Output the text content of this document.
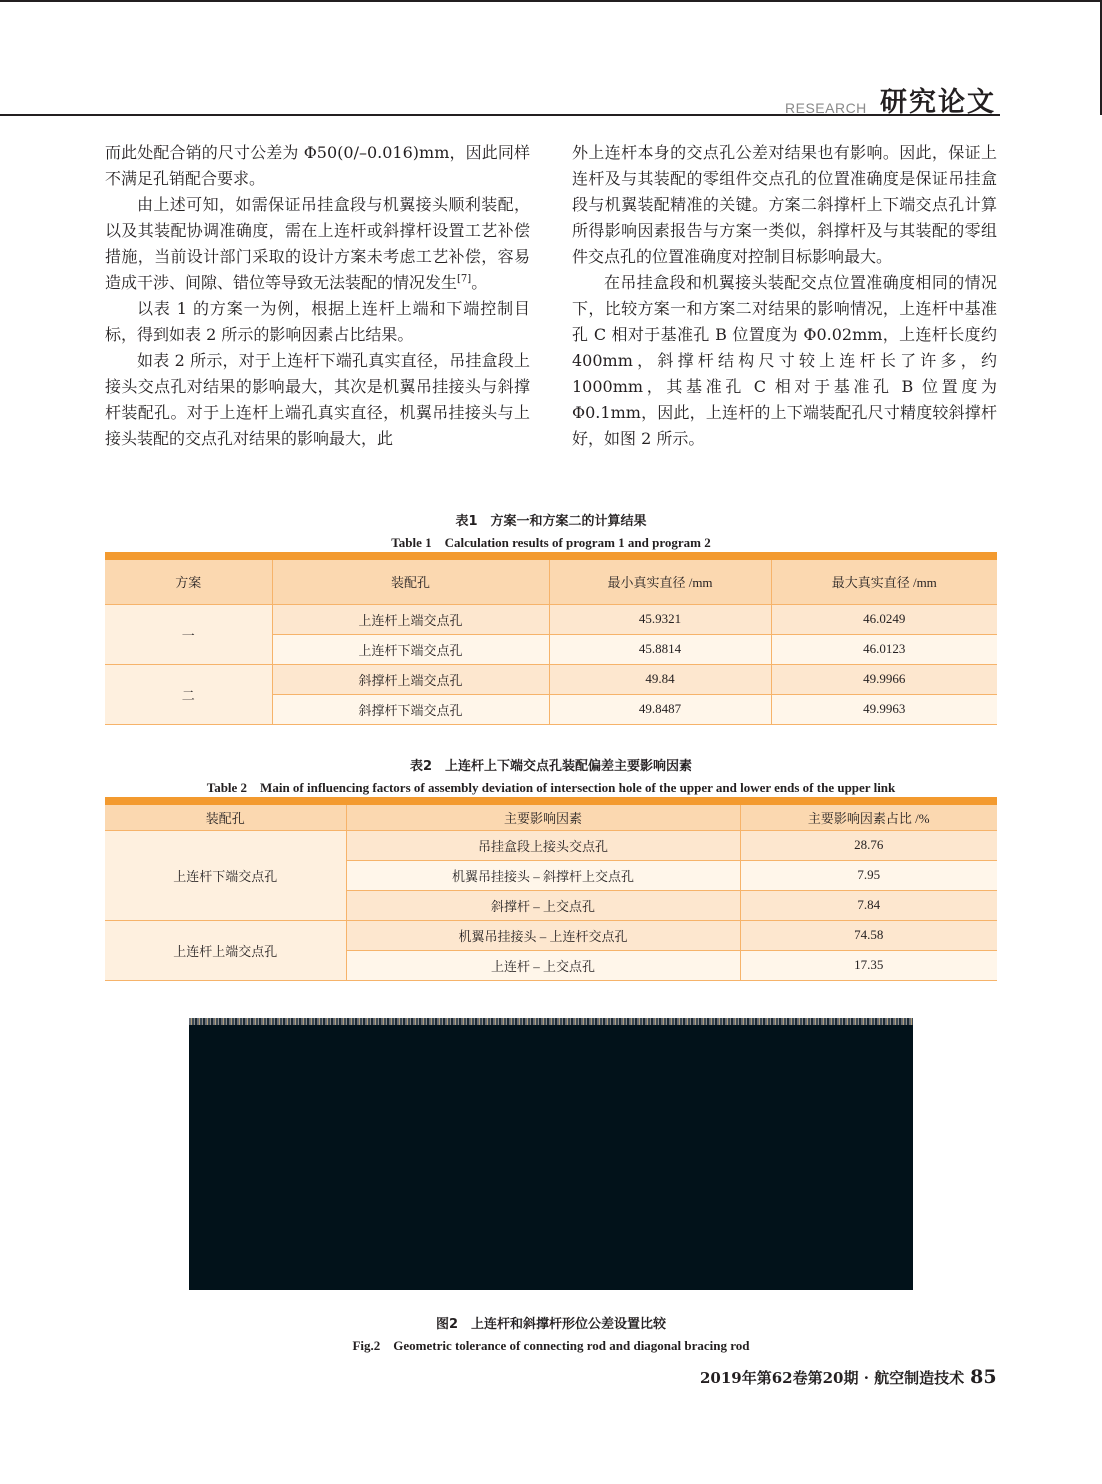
RESEARCH 研究论文

而此处配合销的尺寸公差为 Φ50(0/–0.016)mm，因此同样不满足孔销配合要求。

由上述可知，如需保证吊挂盒段与机翼接头顺利装配，以及其装配协调准确度，需在上连杆或斜撑杆设置工艺补偿措施，当前设计部门采取的设计方案未考虑工艺补偿，容易造成干涉、间隙、错位等导致无法装配的情况发生[7]。

以表 1 的方案一为例，根据上连杆上端和下端控制目标，得到如表 2 所示的影响因素占比结果。

如表 2 所示，对于上连杆下端孔真实直径，吊挂盒段上接头交点孔对结果的影响最大，其次是机翼吊挂接头与斜撑杆装配孔。对于上连杆上端孔真实直径，机翼吊挂接头与上接头装配的交点孔对结果的影响最大，此

外上连杆本身的交点孔公差对结果也有影响。因此，保证上连杆及与其装配的零组件交点孔的位置准确度是保证吊挂盒段与机翼装配精准的关键。方案二斜撑杆上下端交点孔计算所得影响因素报告与方案一类似，斜撑杆及与其装配的零组件交点孔的位置准确度对控制目标影响最大。

在吊挂盒段和机翼接头装配交点位置准确度相同的情况下，比较方案一和方案二对结果的影响情况，上连杆中基准孔 C 相对于基准孔 B 位置度为 Φ0.02mm，上连杆长度约 400mm，斜撑杆结构尺寸较上连杆长了许多，约 1000mm，其基准孔 C 相对于基准孔 B 位置度为 Φ0.1mm，因此，上连杆的上下端装配孔尺寸精度较斜撑杆好，如图 2 所示。

表1　方案一和方案二的计算结果
Table 1　Calculation results of program 1 and program 2
方案	装配孔	最小真实直径 /mm	最大真实直径 /mm
一	上连杆上端交点孔	45.9321	46.0249
	上连杆下端交点孔	45.8814	46.0123
二	斜撑杆上端交点孔	49.84	49.9966
	斜撑杆下端交点孔	49.8487	49.9963
表2　上连杆上下端交点孔装配偏差主要影响因素
Table 2　Main of influencing factors of assembly deviation of intersection hole of the upper and lower ends of the upper link
装配孔	主要影响因素	主要影响因素占比 /%
上连杆下端交点孔	吊挂盒段上接头交点孔	28.76
	机翼吊挂接头 – 斜撑杆上交点孔	7.95
	斜撑杆 – 上交点孔	7.84
上连杆上端交点孔	机翼吊挂接头 – 上连杆交点孔	74.58
	上连杆 – 上交点孔	17.35
图2　上连杆和斜撑杆形位公差设置比较
Fig.2　Geometric tolerance of connecting rod and diagonal bracing rod
2019年第62卷第20期 · 航空制造技术 85
